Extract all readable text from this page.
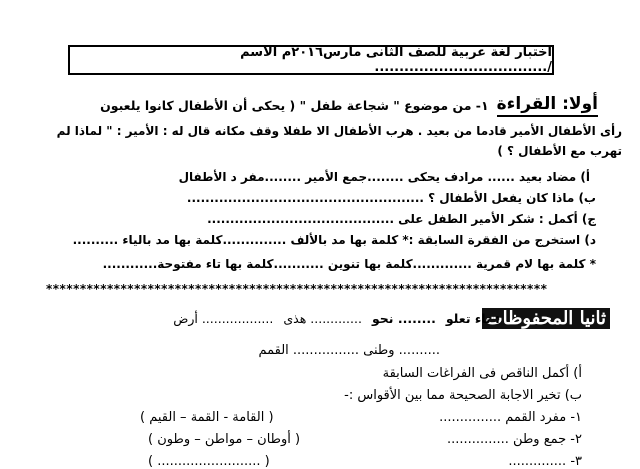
اختبار لغة عربية للصف الثانى مارس٢٠١٦م الاسم /...................................
أولا: القراءة
١- من موضوع " شجاعة طفل " ( يحكى أن الأطفال كانوا يلعبون
رأى الأطفال الأمير قادما من بعيد . هرب الأطفال الا طفلا وقف مكانه قال له : الأمير : " لماذا لم
تهرب مع الأطفال ؟ )
أ) مضاد بعيد ...... مرادف يحكى ........جمع الأمير ........مفر د الأطفال
ب) ماذا كان يفعل الأطفال ؟ ....................................................
ج) أكمل : شكر الأمير الطفل على .........................................
د) استخرج من الفقرة السابقة :* كلمة بها مد بالألف ..............كلمة بها مد بالياء ..........
* كلمة بها لام قمرية .............كلمة بها تنوين ...........كلمة بها تاء مفتوحة............
**************************************************************************
ثانيا المحفوظات
: تاء تعلو
........ نحو
............. هذى
.................. أرض
.......... وطنى ................ القمم
أ) أكمل الناقص فى الفراغات السابقة
ب) تخير الاجابة الصحيحة مما بين الأقواس :-
١- مفرد القمم ...............
( القامة - القمة – القيم )
٢- جمع وطن ...............
( أوطان – مواطن – وطون )
٣- ..............
( ......................... )
